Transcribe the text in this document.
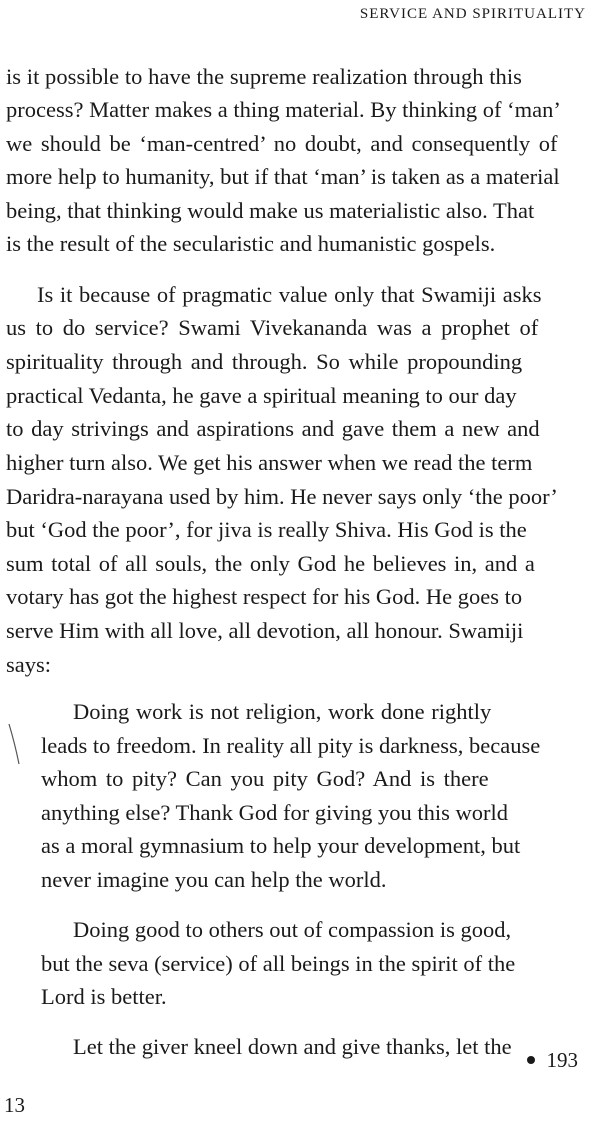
SERVICE AND SPIRITUALITY
is it possible to have the supreme realization through this
process? Matter makes a thing material. By thinking of ‘man’
we should be ‘man-centred’ no doubt, and consequently of
more help to humanity, but if that ‘man’ is taken as a material
being, that thinking would make us materialistic also. That
is the result of the secularistic and humanistic gospels.
Is it because of pragmatic value only that Swamiji asks
us to do service? Swami Vivekananda was a prophet of
spirituality through and through. So while propounding
practical Vedanta, he gave a spiritual meaning to our day
to day strivings and aspirations and gave them a new and
higher turn also. We get his answer when we read the term
Daridra-narayana used by him. He never says only ‘the poor’
but ‘God the poor’, for jiva is really Shiva. His God is the
sum total of all souls, the only God he believes in, and a
votary has got the highest respect for his God. He goes to
serve Him with all love, all devotion, all honour. Swamiji
says:
Doing work is not religion, work done rightly
leads to freedom. In reality all pity is darkness, because
whom to pity? Can you pity God? And is there
anything else? Thank God for giving you this world
as a moral gymnasium to help your development, but
never imagine you can help the world.
Doing good to others out of compassion is good,
but the seva (service) of all beings in the spirit of the
Lord is better.
Let the giver kneel down and give thanks, let the
193
13
